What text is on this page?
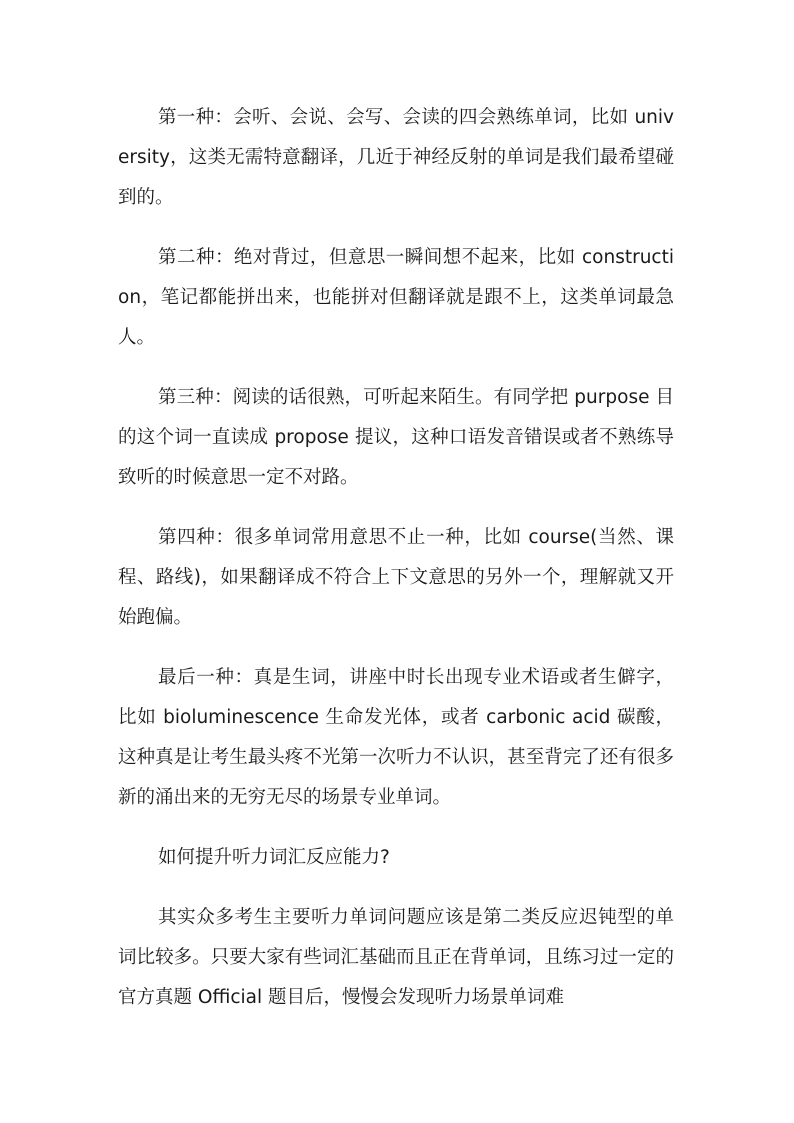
第一种：会听、会说、会写、会读的四会熟练单词，比如 university，这类无需特意翻译，几近于神经反射的单词是我们最希望碰到的。

第二种：绝对背过，但意思一瞬间想不起来，比如 construction，笔记都能拼出来，也能拼对但翻译就是跟不上，这类单词最急人。

第三种：阅读的话很熟，可听起来陌生。有同学把 purpose 目的这个词一直读成 propose 提议，这种口语发音错误或者不熟练导致听的时候意思一定不对路。

第四种：很多单词常用意思不止一种，比如 course(当然、课程、路线)，如果翻译成不符合上下文意思的另外一个，理解就又开始跑偏。

最后一种：真是生词，讲座中时长出现专业术语或者生僻字，比如 bioluminescence 生命发光体，或者 carbonic acid 碳酸，这种真是让考生最头疼不光第一次听力不认识，甚至背完了还有很多新的涌出来的无穷无尽的场景专业单词。

如何提升听力词汇反应能力?

其实众多考生主要听力单词问题应该是第二类反应迟钝型的单词比较多。只要大家有些词汇基础而且正在背单词，且练习过一定的官方真题 Official 题目后，慢慢会发现听力场景单词难
